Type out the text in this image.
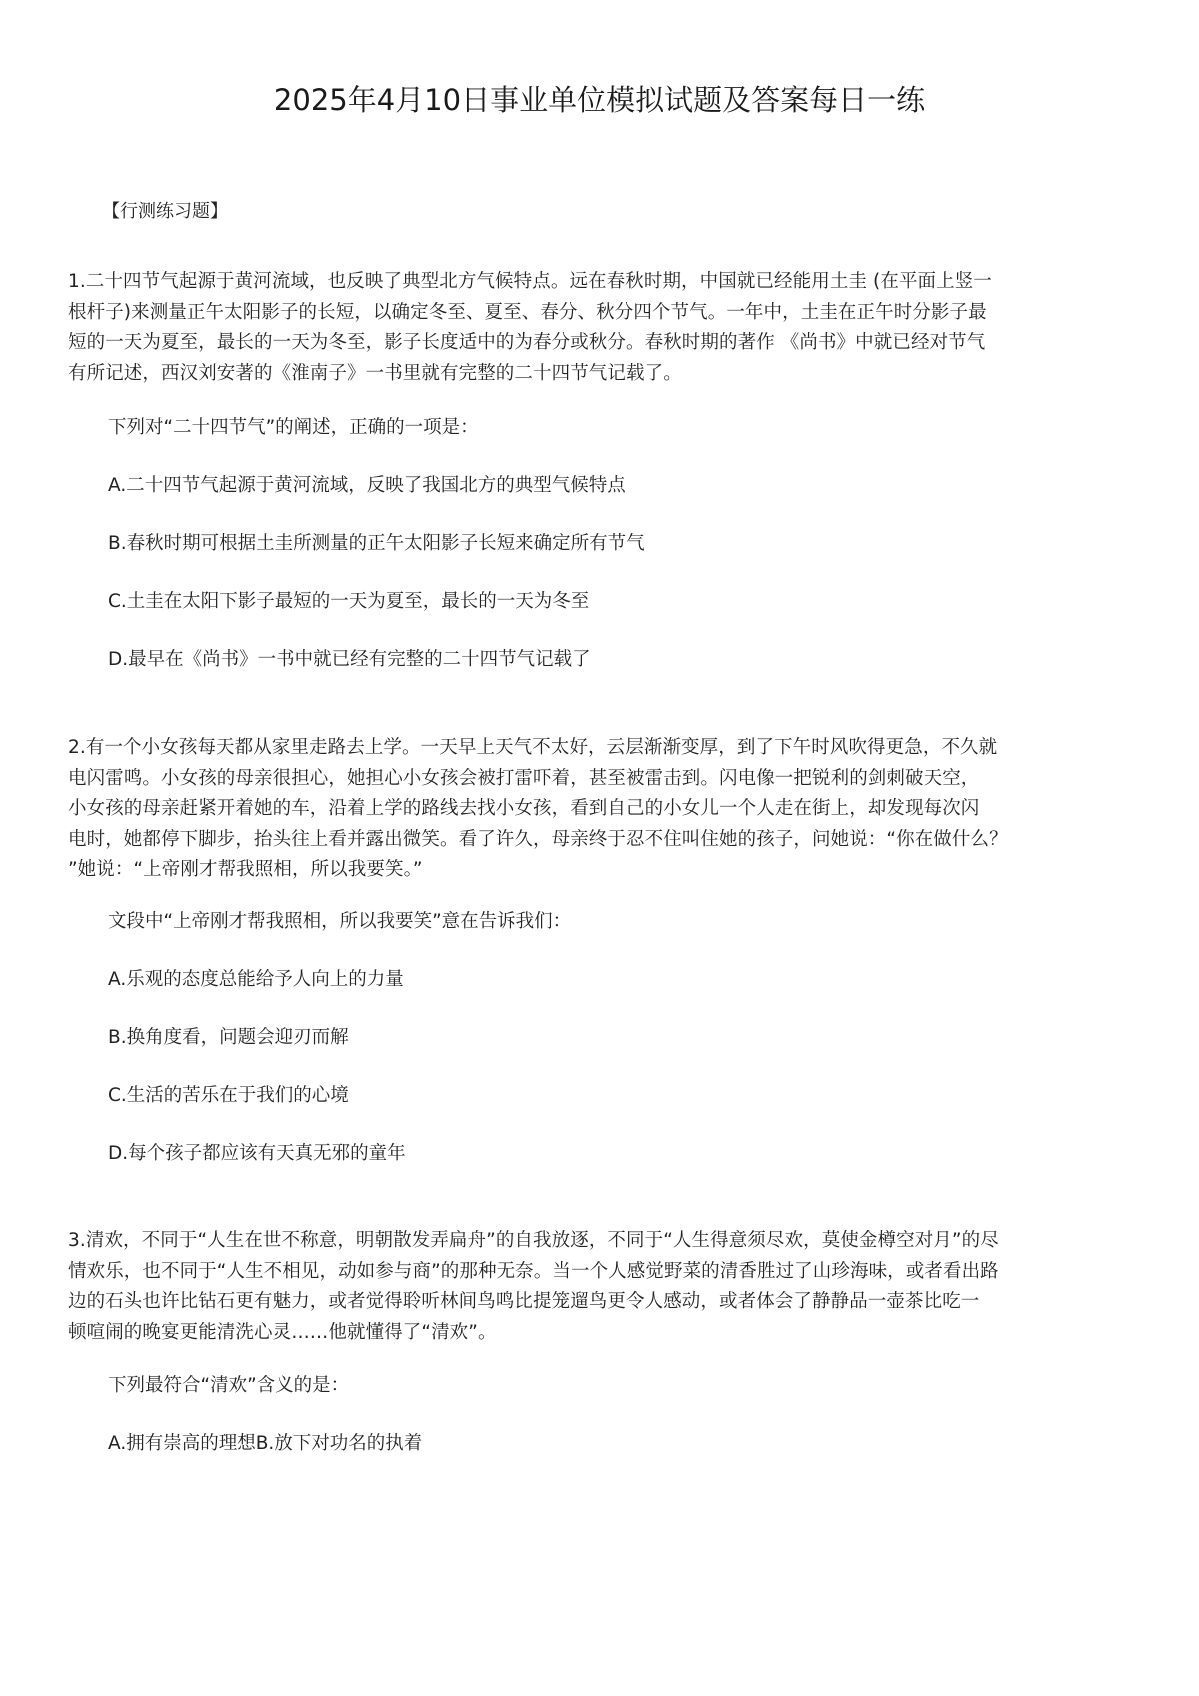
2025年4月10日事业单位模拟试题及答案每日一练

【行测练习题】

1.二十四节气起源于黄河流域，也反映了典型北方气候特点。远在春秋时期，中国就已经能用土圭 (在平面上竖一
根杆子)来测量正午太阳影子的长短，以确定冬至、夏至、春分、秋分四个节气。一年中，土圭在正午时分影子最
短的一天为夏至，最长的一天为冬至，影子长度适中的为春分或秋分。春秋时期的著作 《尚书》中就已经对节气
有所记述，西汉刘安著的《淮南子》一书里就有完整的二十四节气记载了。

下列对“二十四节气”的阐述，正确的一项是：

A.二十四节气起源于黄河流域，反映了我国北方的典型气候特点

B.春秋时期可根据土圭所测量的正午太阳影子长短来确定所有节气

C.土圭在太阳下影子最短的一天为夏至，最长的一天为冬至

D.最早在《尚书》一书中就已经有完整的二十四节气记载了

2.有一个小女孩每天都从家里走路去上学。一天早上天气不太好，云层渐渐变厚，到了下午时风吹得更急，不久就
电闪雷鸣。小女孩的母亲很担心，她担心小女孩会被打雷吓着，甚至被雷击到。闪电像一把锐利的剑刺破天空，
小女孩的母亲赶紧开着她的车，沿着上学的路线去找小女孩，看到自己的小女儿一个人走在街上，却发现每次闪
电时，她都停下脚步，抬头往上看并露出微笑。看了许久，母亲终于忍不住叫住她的孩子，问她说：“你在做什么？
”她说：“上帝刚才帮我照相，所以我要笑。”

文段中“上帝刚才帮我照相，所以我要笑”意在告诉我们：

A.乐观的态度总能给予人向上的力量

B.换角度看，问题会迎刃而解

C.生活的苦乐在于我们的心境

D.每个孩子都应该有天真无邪的童年

3.清欢，不同于“人生在世不称意，明朝散发弄扁舟”的自我放逐，不同于“人生得意须尽欢，莫使金樽空对月”的尽
情欢乐，也不同于“人生不相见，动如参与商”的那种无奈。当一个人感觉野菜的清香胜过了山珍海味，或者看出路
边的石头也许比钻石更有魅力，或者觉得聆听林间鸟鸣比提笼遛鸟更令人感动，或者体会了静静品一壶茶比吃一
顿喧闹的晚宴更能清洗心灵……他就懂得了“清欢”。

下列最符合“清欢”含义的是：

A.拥有崇高的理想B.放下对功名的执着
